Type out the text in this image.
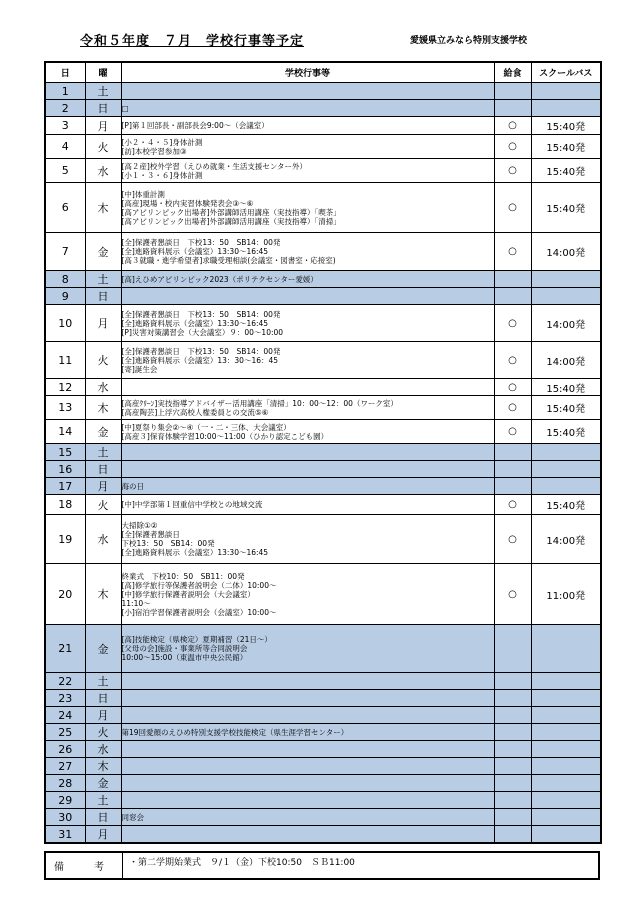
令和５年度　７月　学校行事等予定	愛媛県立みなら特別支援学校
日	曜	学校行事等	給食	スクールバス
1	土			
2	日	□		

3	月	[P]第１回部長・副部長会9:00～（会議室）	○	15:40発
4	火	[小２・４・５]身体計測
[訪]本校学習参加③	○	15:40発
5	水	[高２産]校外学習（えひめ就業・生活支援センター外）
[小１・３・６]身体計測	○	15:40発
6	木	[中]体重計測
[高産]現場・校内実習体験発表会③～⑥
[高アビリンピック出場者]外部講師活用講座（実技指導）「喫茶」
[高アビリンピック出場者]外部講師活用講座（実技指導）「清掃」	○	15:40発
7	金	[全]保護者懇談日　下校13：50　SB14：00発
[全]進路資料展示（会議室）13:30～16:45
[高３就職・進学希望者]求職受理相談(会議室・図書室・応接室)	○	14:00発
8	土	[高]えひめアビリンピック2023（ポリテクセンター愛媛）		

9	日			
10	月	[全]保護者懇談日　下校13：50　SB14：00発
[全]進路資料展示（会議室）13:30～16:45
[P]災害対策講習会（大会議室）９：00～10:00	○	14:00発
11	火	[全]保護者懇談日　下校13：50　SB14：00発
[全]進路資料展示（会議室）13：30～16：45
[寄]誕生会	○	14:00発
12	水		○	15:40発
13	木	[高産ｸﾘｰﾝ]実技指導アドバイザー活用講座「清掃」10：00～12：00（ワーク室）
[高産陶芸]上浮穴高校人権委員との交流⑤⑥	○	15:40発
14	金	[中]夏祭り集会②～④（一・二・三体、大会議室）
[高産３]保育体験学習10:00～11:00（ひかり認定こども園）	○	15:40発
15	土			
16	日			
17	月	海の日		

18	火	[中]中学部第１回重信中学校との地域交流	○	15:40発
19	水	大掃除①②
[全]保護者懇談日
下校13：50　SB14：00発
[全]進路資料展示（会議室）13:30～16:45	○	14:00発
20	木	終業式　下校10：50　SB11：00発
[高]修学旅行等保護者説明会（二体）10:00～
[中]修学旅行保護者説明会（大会議室）
11:10～
[小]宿泊学習保護者説明会（会議室）10:00～	○	11:00発
21	金	[高]技能検定（県検定）夏期補習（21日～）
[父母の会]施設・事業所等合同説明会
10:00～15:00（東温市中央公民館）		

22	土			
23	日			
24	月			
25	火	第19回愛顔のえひめ特別支援学校技能検定（県生涯学習センター）		

26	水			
27	木			
28	金			
29	土			
30	日	同窓会		

31	月			
備　考	・第二学期始業式　９/１（金）下校10:50　ＳＢ11:00
